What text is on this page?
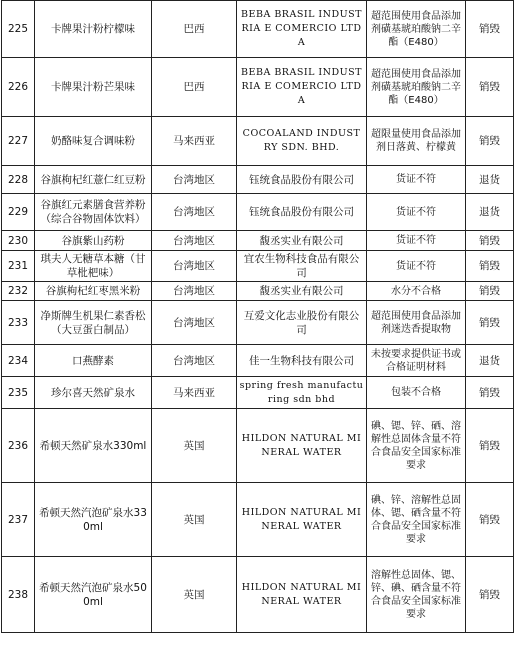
225	卡牌果汁粉柠檬味	巴西	BEBA BRASIL INDUSTRIA E COMERCIO LTDA	超范围使用食品添加剂磺基琥珀酸钠二辛酯（E480）	销毁
226	卡牌果汁粉芒果味	巴西	BEBA BRASIL INDUSTRIA E COMERCIO LTDA	超范围使用食品添加剂磺基琥珀酸钠二辛酯（E480）	销毁
227	奶酪味复合调味粉	马来西亚	COCOALAND INDUSTRY SDN. BHD.	超限量使用食品添加剂日落黄、柠檬黄	销毁
228	谷旗枸杞红薏仁红豆粉	台湾地区	钰统食品股份有限公司	货证不符	退货
229	谷旗红元素膳食营养粉（综合谷物固体饮料）	台湾地区	钰统食品股份有限公司	货证不符	退货
230	谷旗紫山药粉	台湾地区	馥丞实业有限公司	货证不符	销毁
231	琪夫人无糖草本糖（甘草枇杷味）	台湾地区	宜农生物科技食品有限公司	货证不符	销毁
232	谷旗枸杞红枣黑米粉	台湾地区	馥丞实业有限公司	水分不合格	销毁
233	净斯牌生机果仁素香松（大豆蛋白制品）	台湾地区	互爱文化志业股份有限公司	超范围使用食品添加剂迷迭香提取物	销毁
234	口燕酵素	台湾地区	佳一生物科技有限公司	未按要求提供证书或合格证明材料	退货
235	珍尔喜天然矿泉水	马来西亚	spring fresh manufacturing sdn bhd	包装不合格	销毁
236	希顿天然矿泉水330ml	英国	HILDON NATURAL MINERAL WATER	碘、锶、锌、硒、溶解性总固体含量不符合食品安全国家标准要求	销毁
237	希顿天然汽泡矿泉水330ml	英国	HILDON NATURAL MINERAL WATER	碘、锌、溶解性总固体、锶、硒含量不符合食品安全国家标准要求	销毁
238	希顿天然汽泡矿泉水500ml	英国	HILDON NATURAL MINERAL WATER	溶解性总固体、锶、锌、碘、硒含量不符合食品安全国家标准要求	销毁
